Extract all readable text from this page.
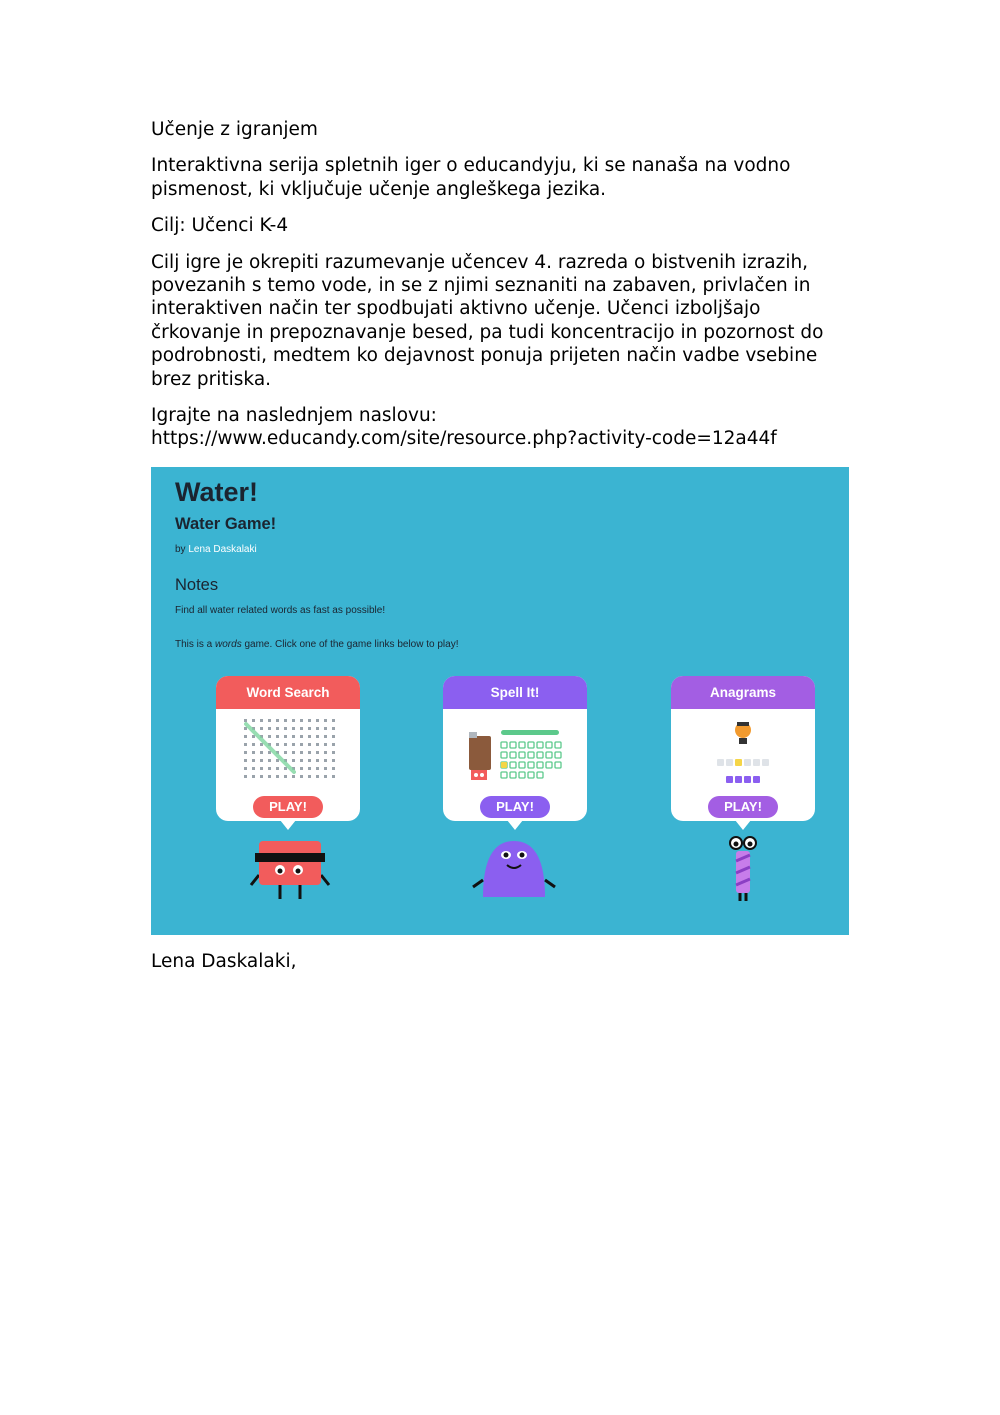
Učenje z igranjem

Interaktivna serija spletnih iger o educandyju, ki se nanaša na vodno pismenost, ki vključuje učenje angleškega jezika.

Cilj: Učenci K-4

Cilj igre je okrepiti razumevanje učencev 4. razreda o bistvenih izrazih, povezanih s temo vode, in se z njimi seznaniti na zabaven, privlačen in interaktiven način ter spodbujati aktivno učenje. Učenci izboljšajo črkovanje in prepoznavanje besed, pa tudi koncentracijo in pozornost do podrobnosti, medtem ko dejavnost ponuja prijeten način vadbe vsebine brez pritiska.

Igrajte na naslednjem naslovu:
https://www.educandy.com/site/resource.php?activity-code=12a44f

Water!
Water Game!
by Lena Daskalaki
Notes
Find all water related words as fast as possible!
This is a words game. Click one of the game links below to play!
Word Search
PLAY!
Spell It!
PLAY!
Anagrams
PLAY!

Lena Daskalaki,
